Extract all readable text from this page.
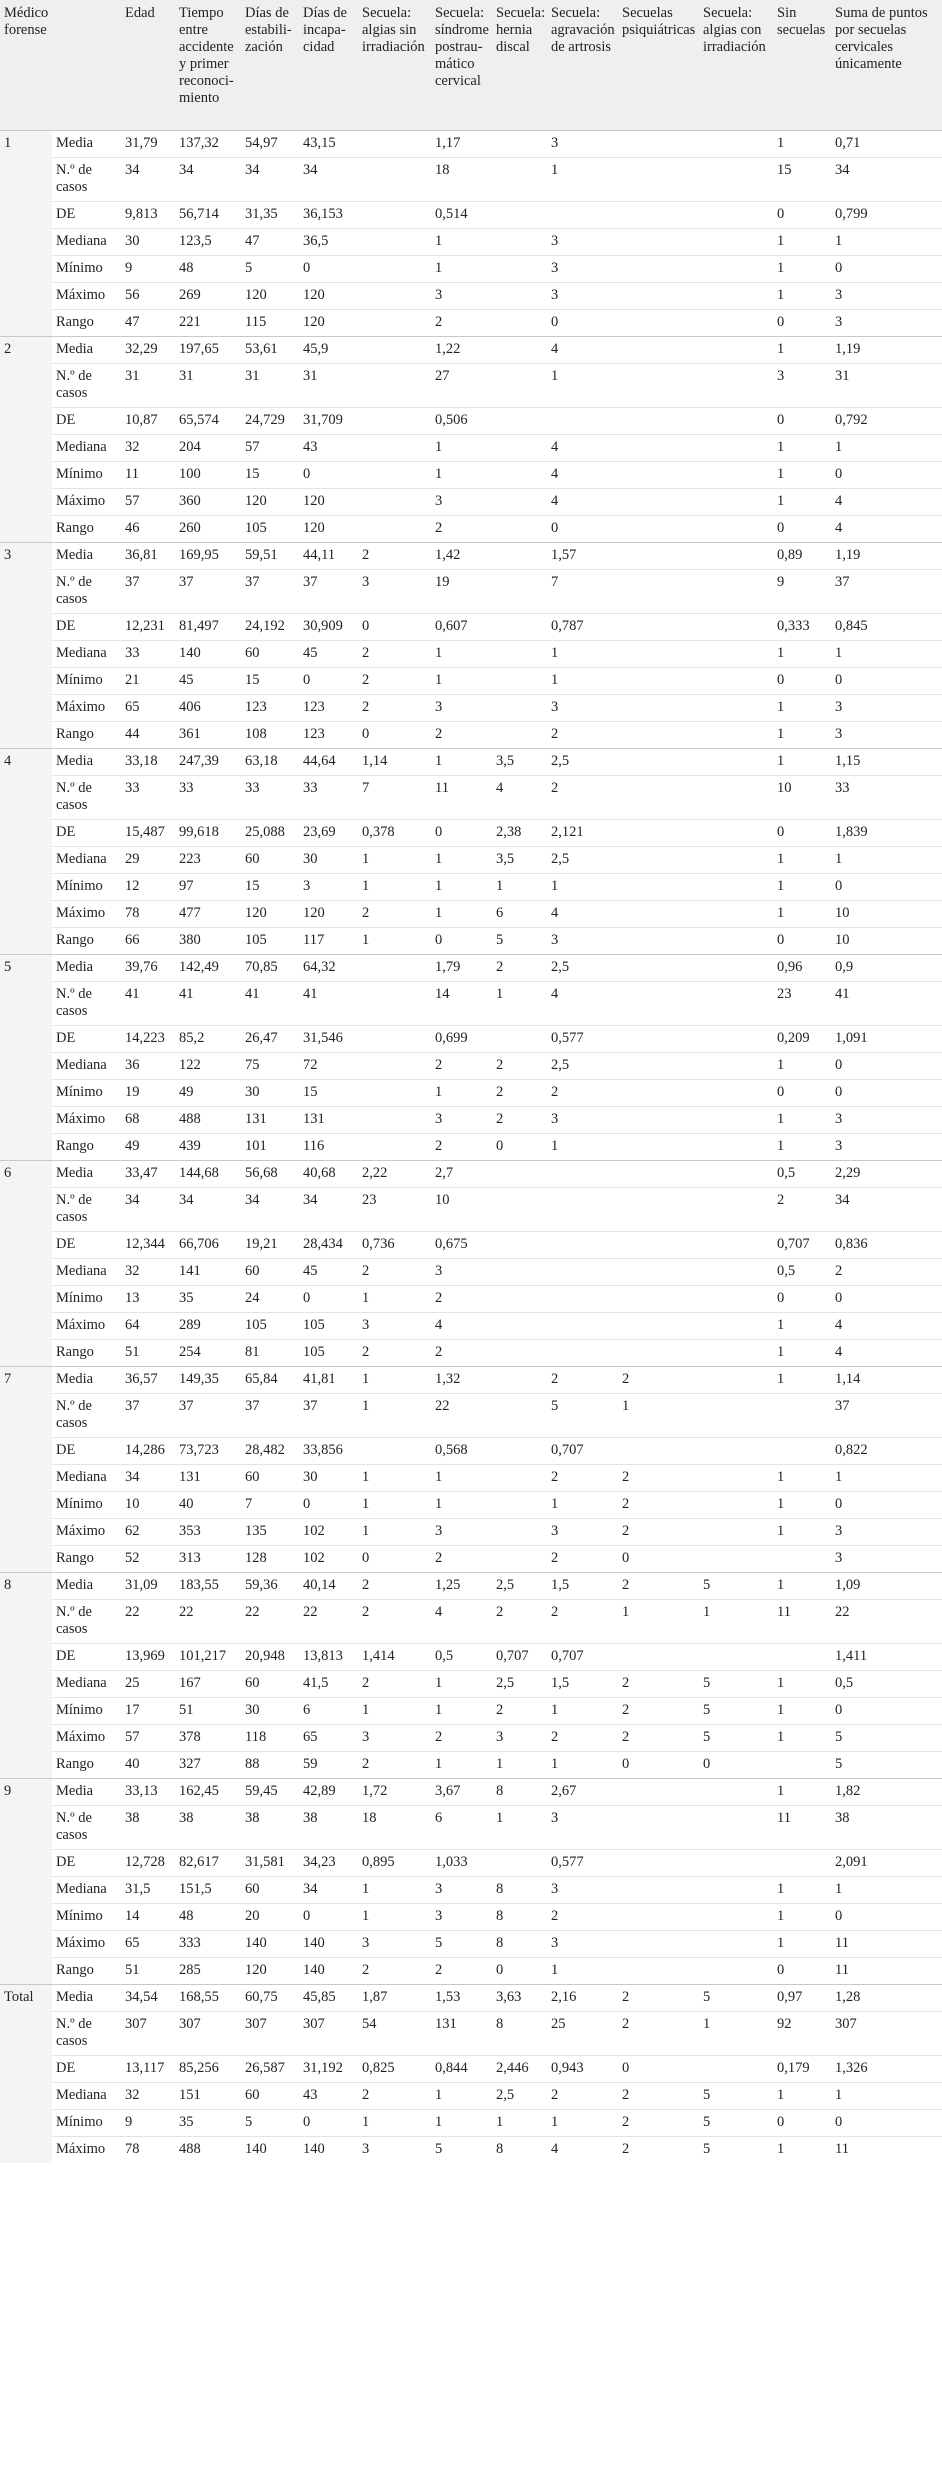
Médico forense		Edad	Tiempo entre accidente y primer reconocimiento	Días de estabilización	Días de incapacidad	Secuela: algias sin irradiación	Secuela: síndrome postraumático cervical	Secuela: hernia discal	Secuela: agravación de artrosis	Secuelas psiquiátricas	Secuela: algias con irradiación	Sin secuelas	Suma de puntos por secuelas cervicales únicamente
1	Media	31,79	137,32	54,97	43,15		1,17		3			1	0,71
	N.º de casos	34	34	34	34		18		1			15	34
	DE	9,813	56,714	31,35	36,153		0,514					0	0,799
	Mediana	30	123,5	47	36,5		1		3			1	1
	Mínimo	9	48	5	0		1		3			1	0
	Máximo	56	269	120	120		3		3			1	3
	Rango	47	221	115	120		2		0			0	3
2	Media	32,29	197,65	53,61	45,9		1,22		4			1	1,19
	N.º de casos	31	31	31	31		27		1			3	31
	DE	10,87	65,574	24,729	31,709		0,506					0	0,792
	Mediana	32	204	57	43		1		4			1	1
	Mínimo	11	100	15	0		1		4			1	0
	Máximo	57	360	120	120		3		4			1	4
	Rango	46	260	105	120		2		0			0	4
3	Media	36,81	169,95	59,51	44,11	2	1,42		1,57			0,89	1,19
	N.º de casos	37	37	37	37	3	19		7			9	37
	DE	12,231	81,497	24,192	30,909	0	0,607		0,787			0,333	0,845
	Mediana	33	140	60	45	2	1		1			1	1
	Mínimo	21	45	15	0	2	1		1			0	0
	Máximo	65	406	123	123	2	3		3			1	3
	Rango	44	361	108	123	0	2		2			1	3
4	Media	33,18	247,39	63,18	44,64	1,14	1	3,5	2,5			1	1,15
	N.º de casos	33	33	33	33	7	11	4	2			10	33
	DE	15,487	99,618	25,088	23,69	0,378	0	2,38	2,121			0	1,839
	Mediana	29	223	60	30	1	1	3,5	2,5			1	1
	Mínimo	12	97	15	3	1	1	1	1			1	0
	Máximo	78	477	120	120	2	1	6	4			1	10
	Rango	66	380	105	117	1	0	5	3			0	10
5	Media	39,76	142,49	70,85	64,32		1,79	2	2,5			0,96	0,9
	N.º de casos	41	41	41	41		14	1	4			23	41
	DE	14,223	85,2	26,47	31,546		0,699		0,577			0,209	1,091
	Mediana	36	122	75	72		2	2	2,5			1	0
	Mínimo	19	49	30	15		1	2	2			0	0
	Máximo	68	488	131	131		3	2	3			1	3
	Rango	49	439	101	116		2	0	1			1	3
6	Media	33,47	144,68	56,68	40,68	2,22	2,7					0,5	2,29
	N.º de casos	34	34	34	34	23	10					2	34
	DE	12,344	66,706	19,21	28,434	0,736	0,675					0,707	0,836
	Mediana	32	141	60	45	2	3					0,5	2
	Mínimo	13	35	24	0	1	2					0	0
	Máximo	64	289	105	105	3	4					1	4
	Rango	51	254	81	105	2	2					1	4
7	Media	36,57	149,35	65,84	41,81	1	1,32		2	2		1	1,14
	N.º de casos	37	37	37	37	1	22		5	1			37
	DE	14,286	73,723	28,482	33,856		0,568		0,707				0,822
	Mediana	34	131	60	30	1	1		2	2		1	1
	Mínimo	10	40	7	0	1	1		1	2		1	0
	Máximo	62	353	135	102	1	3		3	2		1	3
	Rango	52	313	128	102	0	2		2	0			3
8	Media	31,09	183,55	59,36	40,14	2	1,25	2,5	1,5	2	5	1	1,09
	N.º de casos	22	22	22	22	2	4	2	2	1	1	11	22
	DE	13,969	101,217	20,948	13,813	1,414	0,5	0,707	0,707				1,411
	Mediana	25	167	60	41,5	2	1	2,5	1,5	2	5	1	0,5
	Mínimo	17	51	30	6	1	1	2	1	2	5	1	0
	Máximo	57	378	118	65	3	2	3	2	2	5	1	5
	Rango	40	327	88	59	2	1	1	1	0	0		5
9	Media	33,13	162,45	59,45	42,89	1,72	3,67	8	2,67			1	1,82
	N.º de casos	38	38	38	38	18	6	1	3			11	38
	DE	12,728	82,617	31,581	34,23	0,895	1,033		0,577				2,091
	Mediana	31,5	151,5	60	34	1	3	8	3			1	1
	Mínimo	14	48	20	0	1	3	8	2			1	0
	Máximo	65	333	140	140	3	5	8	3			1	11
	Rango	51	285	120	140	2	2	0	1			0	11
Total	Media	34,54	168,55	60,75	45,85	1,87	1,53	3,63	2,16	2	5	0,97	1,28
	N.º de casos	307	307	307	307	54	131	8	25	2	1	92	307
	DE	13,117	85,256	26,587	31,192	0,825	0,844	2,446	0,943	0		0,179	1,326
	Mediana	32	151	60	43	2	1	2,5	2	2	5	1	1
	Mínimo	9	35	5	0	1	1	1	1	2	5	0	0
	Máximo	78	488	140	140	3	5	8	4	2	5	1	11
